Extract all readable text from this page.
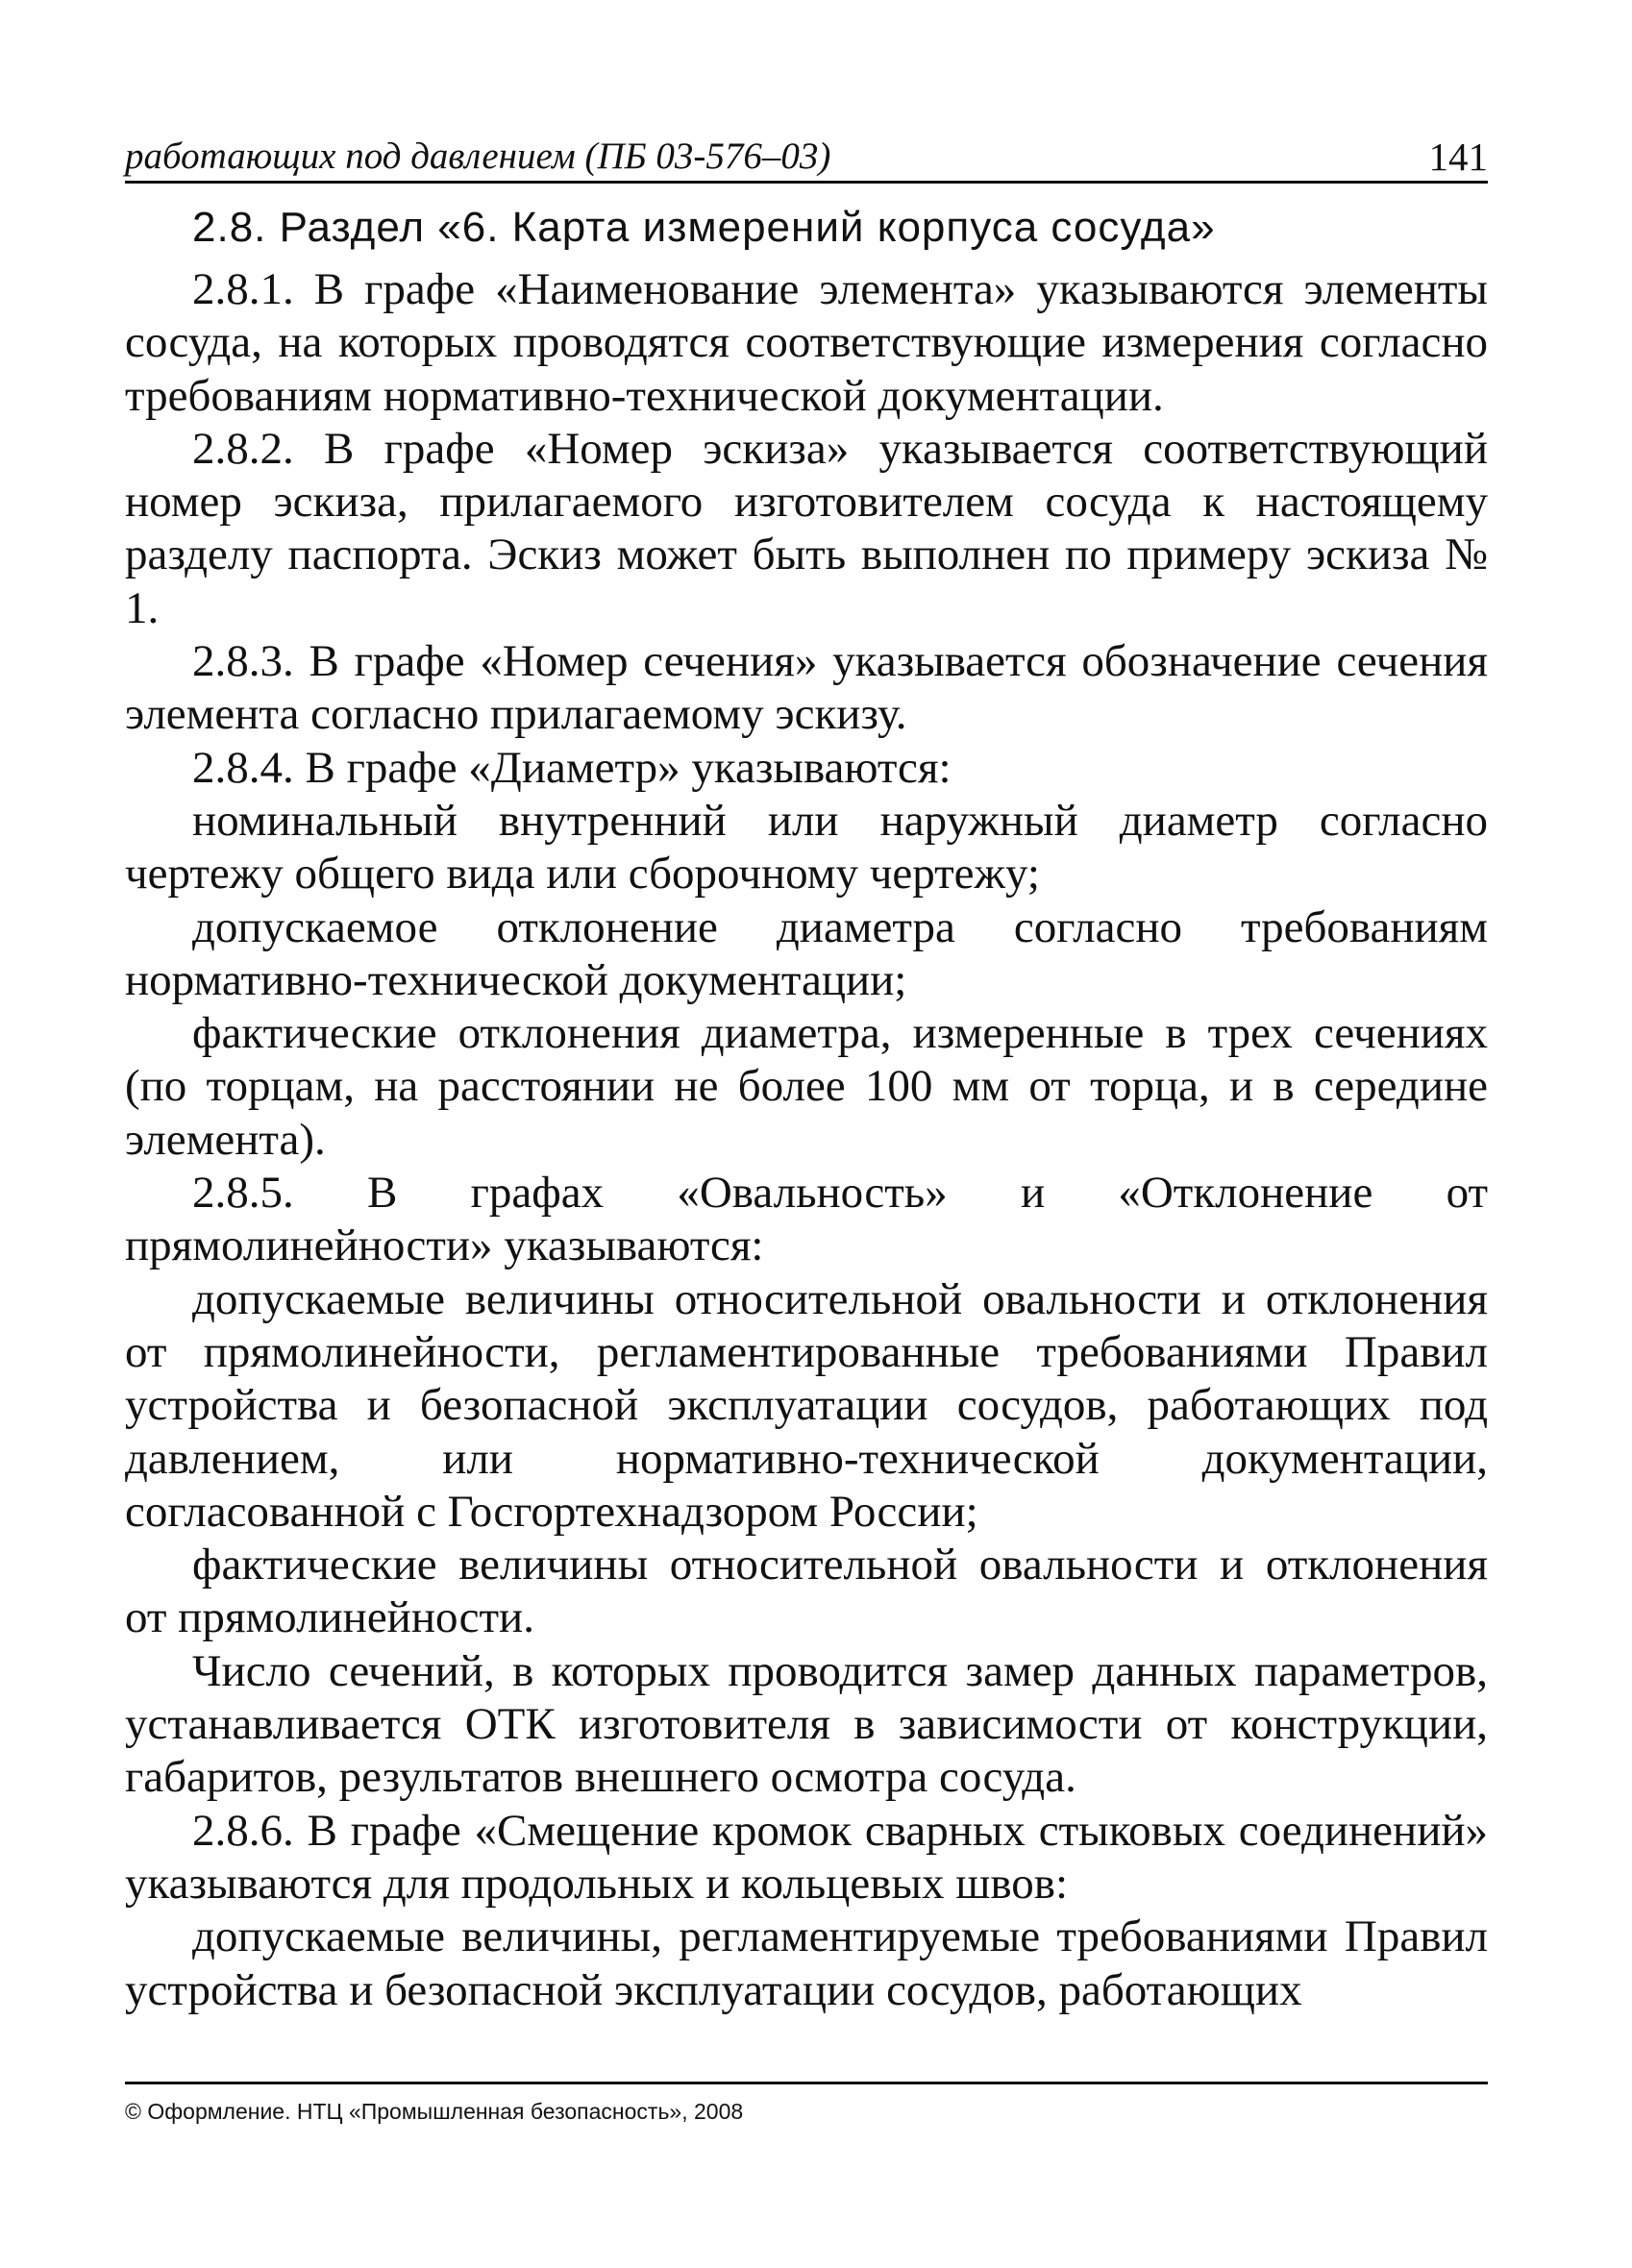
работающих под давлением (ПБ 03-576–03)	141
2.8. Раздел «6. Карта измерений корпуса сосуда»

2.8.1. В графе «Наименование элемента» указываются элементы сосуда, на которых проводятся соответствующие измерения согласно требованиям нормативно-технической документации.

2.8.2. В графе «Номер эскиза» указывается соответствующий номер эскиза, прилагаемого изготовителем сосуда к настоящему разделу паспорта. Эскиз может быть выполнен по примеру эскиза № 1.

2.8.3. В графе «Номер сечения» указывается обозначение сечения элемента согласно прилагаемому эскизу.

2.8.4. В графе «Диаметр» указываются:

номинальный внутренний или наружный диаметр согласно чертежу общего вида или сборочному чертежу;

допускаемое отклонение диаметра согласно требованиям нормативно-технической документации;

фактические отклонения диаметра, измеренные в трех сечениях (по торцам, на расстоянии не более 100 мм от торца, и в середине элемента).

2.8.5. В графах «Овальность» и «Отклонение от прямолинейности» указываются:

допускаемые величины относительной овальности и отклонения от прямолинейности, регламентированные требованиями Правил устройства и безопасной эксплуатации сосудов, работающих под давлением, или нормативно-технической документации, согласованной с Госгортехнадзором России;

фактические величины относительной овальности и отклонения от прямолинейности.

Число сечений, в которых проводится замер данных параметров, устанавливается ОТК изготовителя в зависимости от конструкции, габаритов, результатов внешнего осмотра сосуда.

2.8.6. В графе «Смещение кромок сварных стыковых соединений» указываются для продольных и кольцевых швов:

допускаемые величины, регламентируемые требованиями Правил устройства и безопасной эксплуатации сосудов, работающих

© Оформление. НТЦ «Промышленная безопасность», 2008
